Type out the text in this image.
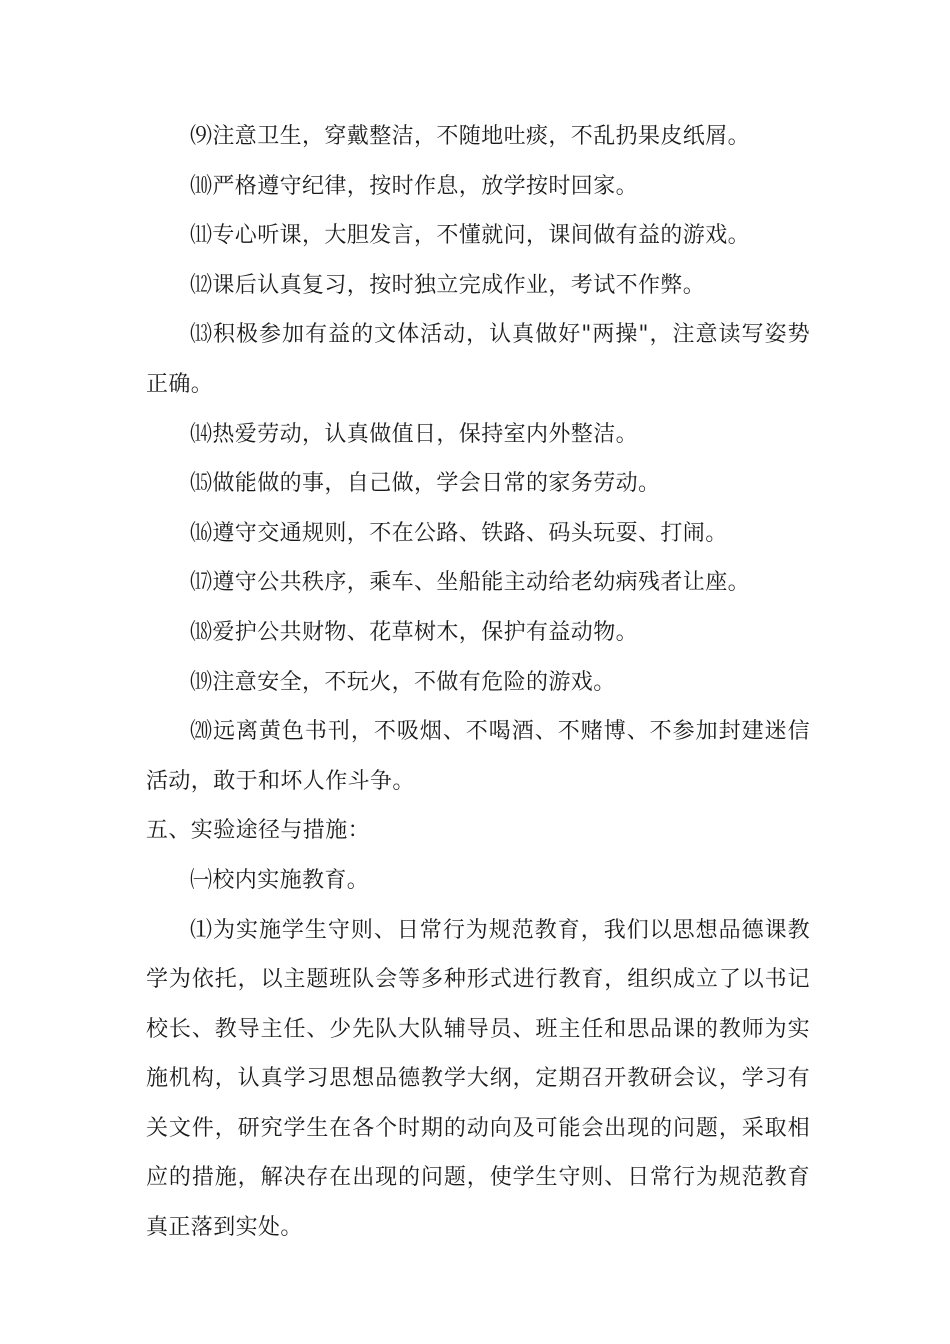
⑼注意卫生，穿戴整洁，不随地吐痰，不乱扔果皮纸屑。

⑽严格遵守纪律，按时作息，放学按时回家。

⑾专心听课，大胆发言，不懂就问，课间做有益的游戏。

⑿课后认真复习，按时独立完成作业，考试不作弊。

⒀积极参加有益的文体活动，认真做好"两操"，注意读写姿势正确。

⒁热爱劳动，认真做值日，保持室内外整洁。

⒂做能做的事，自己做，学会日常的家务劳动。

⒃遵守交通规则，不在公路、铁路、码头玩耍、打闹。

⒄遵守公共秩序，乘车、坐船能主动给老幼病残者让座。

⒅爱护公共财物、花草树木，保护有益动物。

⒆注意安全，不玩火，不做有危险的游戏。

⒇远离黄色书刊，不吸烟、不喝酒、不赌博、不参加封建迷信活动，敢于和坏人作斗争。

五、实验途径与措施：

㈠校内实施教育。

⑴为实施学生守则、日常行为规范教育，我们以思想品德课教学为依托，以主题班队会等多种形式进行教育，组织成立了以书记校长、教导主任、少先队大队辅导员、班主任和思品课的教师为实施机构，认真学习思想品德教学大纲，定期召开教研会议，学习有关文件，研究学生在各个时期的动向及可能会出现的问题，采取相应的措施，解决存在出现的问题，使学生守则、日常行为规范教育真正落到实处。
